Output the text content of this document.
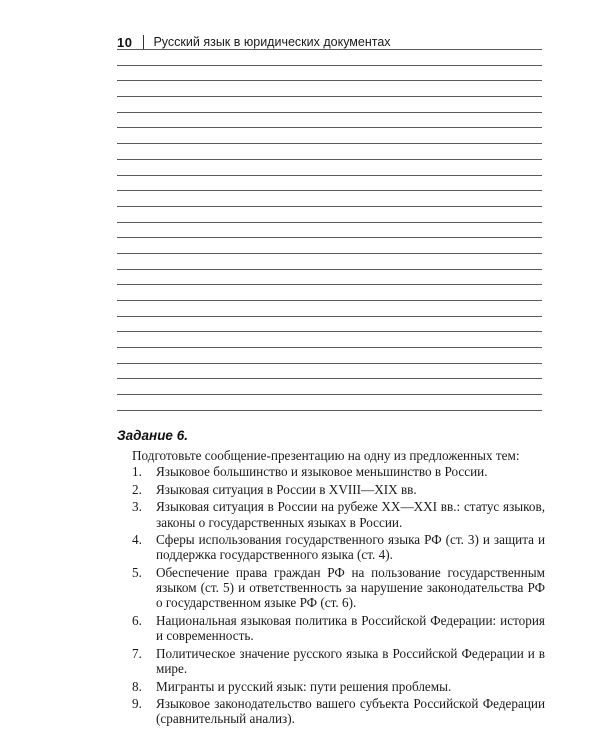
10 Русский язык в юридических документах
Задание 6.

Подготовьте сообщение-презентацию на одну из предложенных тем:

1. Языковое большинство и языковое меньшинство в России.
2. Языковая ситуация в России в XVIII—XIX вв.
3. Языковая ситуация в России на рубеже XX—XXI вв.: статус языков, законы о государственных языках в России.
4. Сферы использования государственного языка РФ (ст. 3) и защита и поддержка государственного языка (ст. 4).
5. Обеспечение права граждан РФ на пользование государственным языком (ст. 5) и ответственность за нарушение законодательства РФ о государственном языке РФ (ст. 6).
6. Национальная языковая политика в Российской Федерации: история и современность.
7. Политическое значение русского языка в Российской Федерации и в мире.
8. Мигранты и русский язык: пути решения проблемы.
9. Языковое законодательство вашего субъекта Российской Федерации (сравнительный анализ).
